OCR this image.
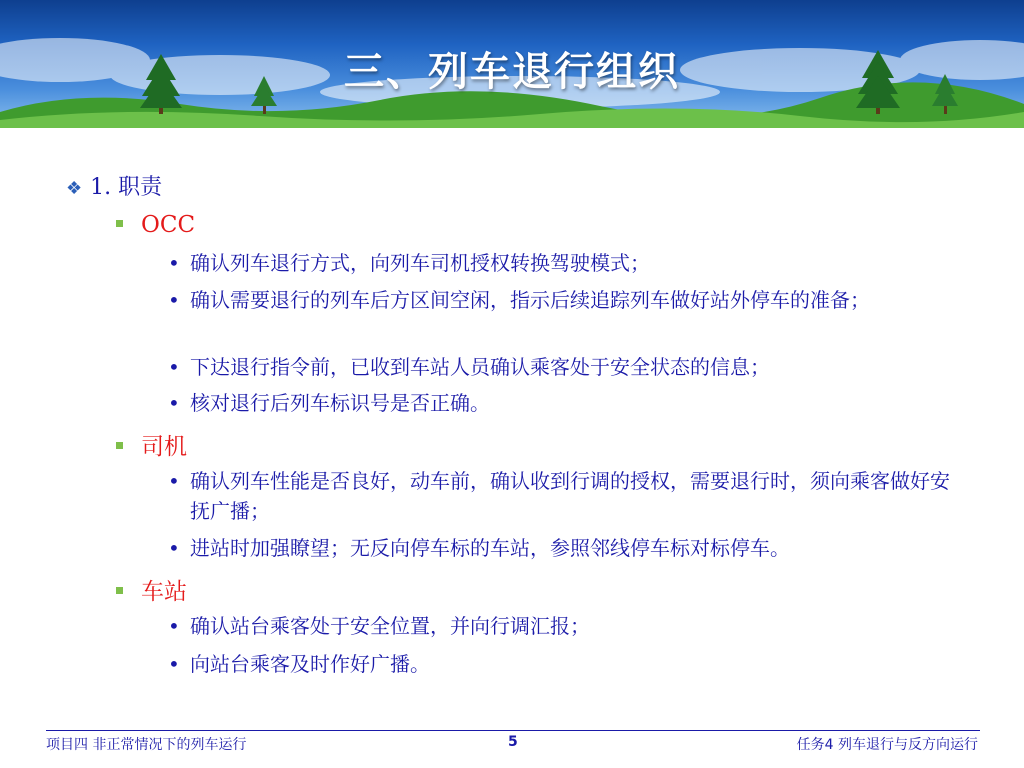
三、列车退行组织
❖ 1. 职责
OCC
• 确认列车退行方式，向列车司机授权转换驾驶模式；
• 确认需要退行的列车后方区间空闲，指示后续追踪列车做好站外停车的准备；
• 下达退行指令前，已收到车站人员确认乘客处于安全状态的信息；
• 核对退行后列车标识号是否正确。
司机
• 确认列车性能是否良好，动车前，确认收到行调的授权，需要退行时，须向乘客做好安抚广播；
• 进站时加强瞭望；无反向停车标的车站，参照邻线停车标对标停车。
车站
• 确认站台乘客处于安全位置，并向行调汇报；
• 向站台乘客及时作好广播。
项目四 非正常情况下的列车运行	5	任务4 列车退行与反方向运行
